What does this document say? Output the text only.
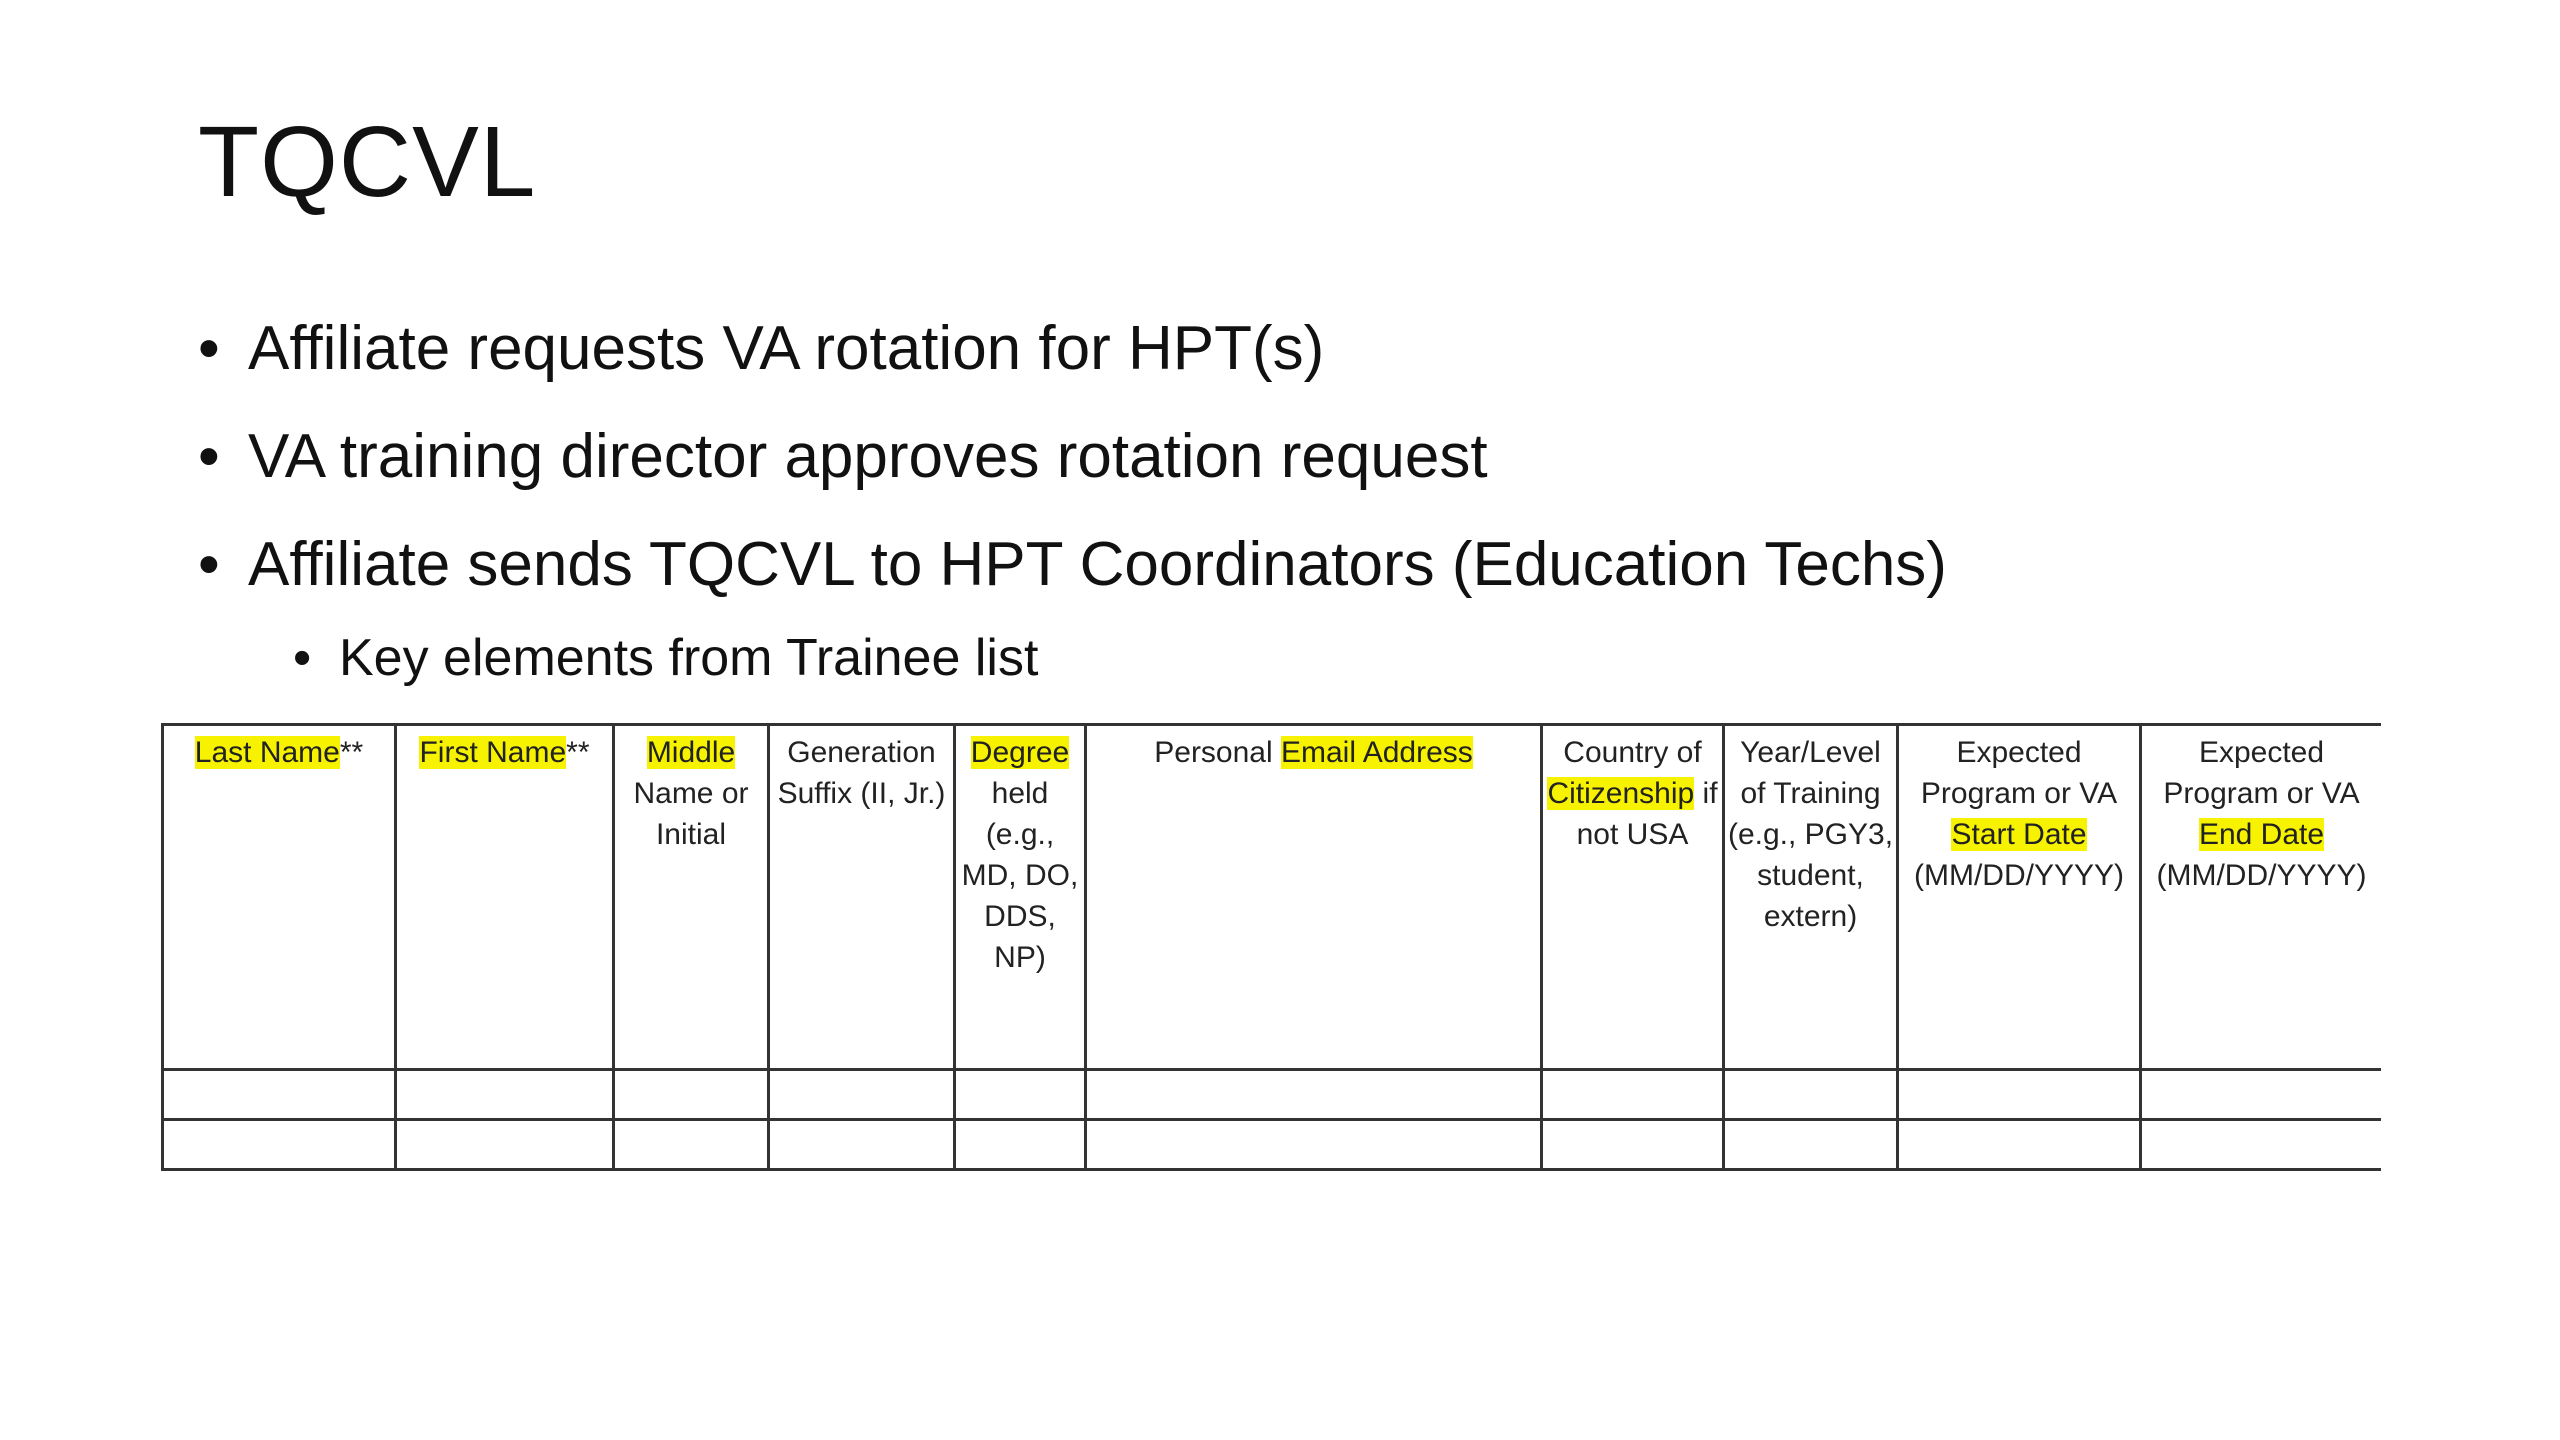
TQCVL
• Affiliate requests VA rotation for HPT(s)
• VA training director approves rotation request
• Affiliate sends TQCVL to HPT Coordinators (Education Techs)
• Key elements from Trainee list
Last Name**	First Name**	Middle Name or Initial	Generation Suffix (II, Jr.)	Degree held (e.g., MD, DO, DDS, NP)	Personal Email Address	Country of Citizenship if not USA	Year/Level of Training (e.g., PGY3, student, extern)	Expected Program or VA Start Date (MM/DD/YYYY)	Expected Program or VA End Date (MM/DD/YYYY)
